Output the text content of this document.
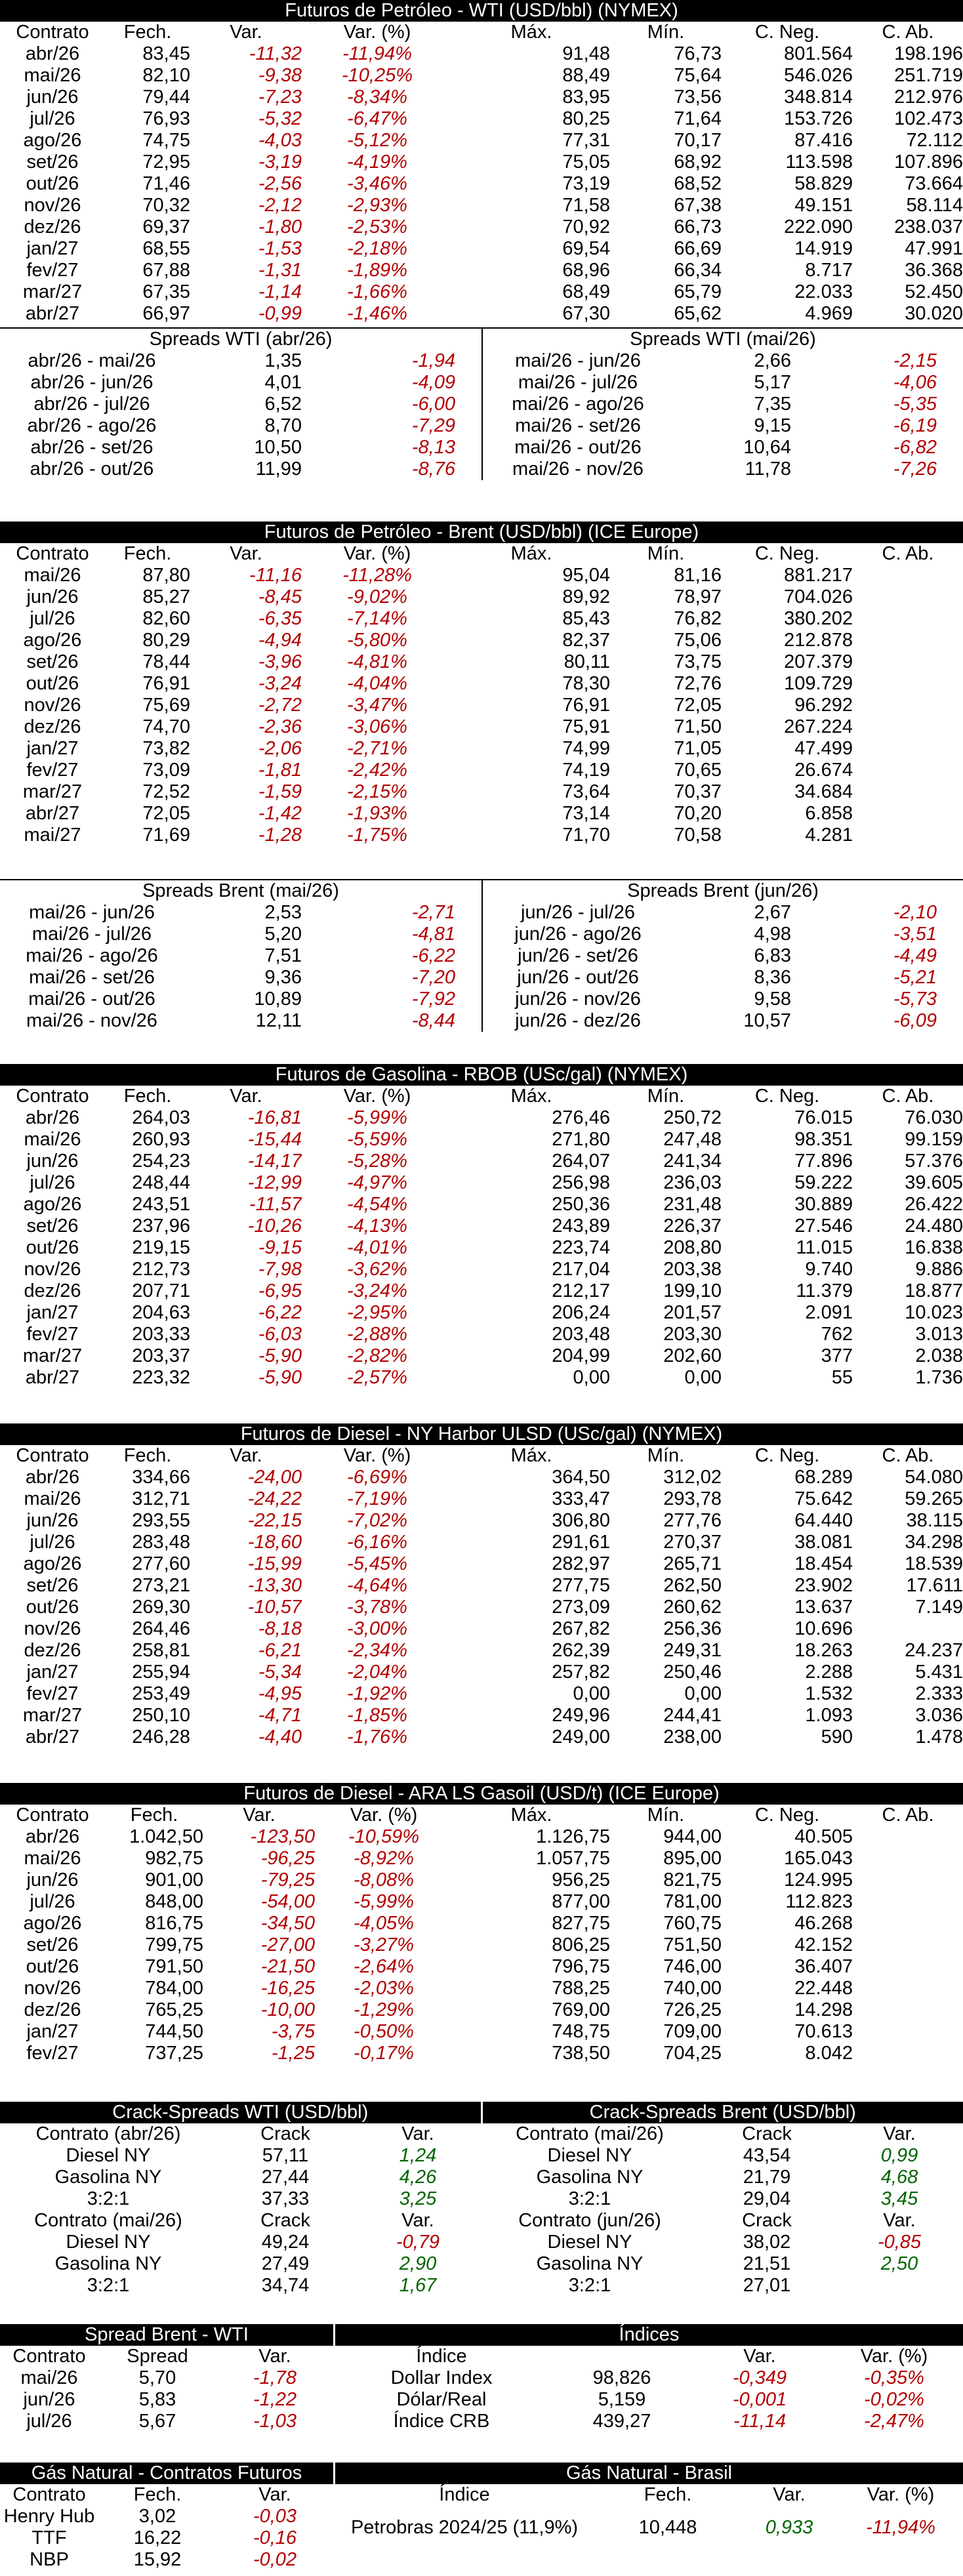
Futuros de Petróleo - WTI (USD/bbl) (NYMEX)
Contrato	Fech.	Var.	Var. (%)	Máx.	Mín.	C. Neg.	C. Ab.
abr/26	83,45	-11,32	-11,94%	91,48	76,73	801.564	198.196
mai/26	82,10	-9,38	-10,25%	88,49	75,64	546.026	251.719
jun/26	79,44	-7,23	-8,34%	83,95	73,56	348.814	212.976
jul/26	76,93	-5,32	-6,47%	80,25	71,64	153.726	102.473
ago/26	74,75	-4,03	-5,12%	77,31	70,17	87.416	72.112
set/26	72,95	-3,19	-4,19%	75,05	68,92	113.598	107.896
out/26	71,46	-2,56	-3,46%	73,19	68,52	58.829	73.664
nov/26	70,32	-2,12	-2,93%	71,58	67,38	49.151	58.114
dez/26	69,37	-1,80	-2,53%	70,92	66,73	222.090	238.037
jan/27	68,55	-1,53	-2,18%	69,54	66,69	14.919	47.991
fev/27	67,88	-1,31	-1,89%	68,96	66,34	8.717	36.368
mar/27	67,35	-1,14	-1,66%	68,49	65,79	22.033	52.450
abr/27	66,97	-0,99	-1,46%	67,30	65,62	4.969	30.020
Spreads WTI (abr/26)
abr/26 - mai/26	1,35	-1,94
abr/26 - jun/26	4,01	-4,09
abr/26 - jul/26	6,52	-6,00
abr/26 - ago/26	8,70	-7,29
abr/26 - set/26	10,50	-8,13
abr/26 - out/26	11,99	-8,76
Spreads WTI (mai/26)
mai/26 - jun/26	2,66	-2,15
mai/26 - jul/26	5,17	-4,06
mai/26 - ago/26	7,35	-5,35
mai/26 - set/26	9,15	-6,19
mai/26 - out/26	10,64	-6,82
mai/26 - nov/26	11,78	-7,26
Futuros de Petróleo - Brent (USD/bbl) (ICE Europe)
Contrato	Fech.	Var.	Var. (%)	Máx.	Mín.	C. Neg.	C. Ab.
mai/26	87,80	-11,16	-11,28%	95,04	81,16	881.217	
jun/26	85,27	-8,45	-9,02%	89,92	78,97	704.026	
jul/26	82,60	-6,35	-7,14%	85,43	76,82	380.202	
ago/26	80,29	-4,94	-5,80%	82,37	75,06	212.878	
set/26	78,44	-3,96	-4,81%	80,11	73,75	207.379	
out/26	76,91	-3,24	-4,04%	78,30	72,76	109.729	
nov/26	75,69	-2,72	-3,47%	76,91	72,05	96.292	
dez/26	74,70	-2,36	-3,06%	75,91	71,50	267.224	
jan/27	73,82	-2,06	-2,71%	74,99	71,05	47.499	
fev/27	73,09	-1,81	-2,42%	74,19	70,65	26.674	
mar/27	72,52	-1,59	-2,15%	73,64	70,37	34.684	
abr/27	72,05	-1,42	-1,93%	73,14	70,20	6.858	
mai/27	71,69	-1,28	-1,75%	71,70	70,58	4.281	
Spreads Brent (mai/26)
mai/26 - jun/26	2,53	-2,71
mai/26 - jul/26	5,20	-4,81
mai/26 - ago/26	7,51	-6,22
mai/26 - set/26	9,36	-7,20
mai/26 - out/26	10,89	-7,92
mai/26 - nov/26	12,11	-8,44
Spreads Brent (jun/26)
jun/26 - jul/26	2,67	-2,10
jun/26 - ago/26	4,98	-3,51
jun/26 - set/26	6,83	-4,49
jun/26 - out/26	8,36	-5,21
jun/26 - nov/26	9,58	-5,73
jun/26 - dez/26	10,57	-6,09
Futuros de Gasolina - RBOB (USc/gal) (NYMEX)
Contrato	Fech.	Var.	Var. (%)	Máx.	Mín.	C. Neg.	C. Ab.
abr/26	264,03	-16,81	-5,99%	276,46	250,72	76.015	76.030
mai/26	260,93	-15,44	-5,59%	271,80	247,48	98.351	99.159
jun/26	254,23	-14,17	-5,28%	264,07	241,34	77.896	57.376
jul/26	248,44	-12,99	-4,97%	256,98	236,03	59.222	39.605
ago/26	243,51	-11,57	-4,54%	250,36	231,48	30.889	26.422
set/26	237,96	-10,26	-4,13%	243,89	226,37	27.546	24.480
out/26	219,15	-9,15	-4,01%	223,74	208,80	11.015	16.838
nov/26	212,73	-7,98	-3,62%	217,04	203,38	9.740	9.886
dez/26	207,71	-6,95	-3,24%	212,17	199,10	11.379	18.877
jan/27	204,63	-6,22	-2,95%	206,24	201,57	2.091	10.023
fev/27	203,33	-6,03	-2,88%	203,48	203,30	762	3.013
mar/27	203,37	-5,90	-2,82%	204,99	202,60	377	2.038
abr/27	223,32	-5,90	-2,57%	0,00	0,00	55	1.736
Futuros de Diesel - NY Harbor ULSD (USc/gal) (NYMEX)
Contrato	Fech.	Var.	Var. (%)	Máx.	Mín.	C. Neg.	C. Ab.
abr/26	334,66	-24,00	-6,69%	364,50	312,02	68.289	54.080
mai/26	312,71	-24,22	-7,19%	333,47	293,78	75.642	59.265
jun/26	293,55	-22,15	-7,02%	306,80	277,76	64.440	38.115
jul/26	283,48	-18,60	-6,16%	291,61	270,37	38.081	34.298
ago/26	277,60	-15,99	-5,45%	282,97	265,71	18.454	18.539
set/26	273,21	-13,30	-4,64%	277,75	262,50	23.902	17.611
out/26	269,30	-10,57	-3,78%	273,09	260,62	13.637	7.149
nov/26	264,46	-8,18	-3,00%	267,82	256,36	10.696	
dez/26	258,81	-6,21	-2,34%	262,39	249,31	18.263	24.237
jan/27	255,94	-5,34	-2,04%	257,82	250,46	2.288	5.431
fev/27	253,49	-4,95	-1,92%	0,00	0,00	1.532	2.333
mar/27	250,10	-4,71	-1,85%	249,96	244,41	1.093	3.036
abr/27	246,28	-4,40	-1,76%	249,00	238,00	590	1.478
Futuros de Diesel - ARA LS Gasoil (USD/t) (ICE Europe)
Contrato	Fech.	Var.	Var. (%)	Máx.	Mín.	C. Neg.	C. Ab.
abr/26	1.042,50	-123,50	-10,59%	1.126,75	944,00	40.505	
mai/26	982,75	-96,25	-8,92%	1.057,75	895,00	165.043	
jun/26	901,00	-79,25	-8,08%	956,25	821,75	124.995	
jul/26	848,00	-54,00	-5,99%	877,00	781,00	112.823	
ago/26	816,75	-34,50	-4,05%	827,75	760,75	46.268	
set/26	799,75	-27,00	-3,27%	806,25	751,50	42.152	
out/26	791,50	-21,50	-2,64%	796,75	746,00	36.407	
nov/26	784,00	-16,25	-2,03%	788,25	740,00	22.448	
dez/26	765,25	-10,00	-1,29%	769,00	726,25	14.298	
jan/27	744,50	-3,75	-0,50%	748,75	709,00	70.613	
fev/27	737,25	-1,25	-0,17%	738,50	704,25	8.042	
Crack-Spreads WTI (USD/bbl)	Crack-Spreads Brent (USD/bbl)
Contrato (abr/26)	Crack	Var.
Diesel NY	57,11	1,24
Gasolina NY	27,44	4,26
3:2:1	37,33	3,25
Contrato (mai/26)	Crack	Var.
Diesel NY	49,24	-0,79
Gasolina NY	27,49	2,90
3:2:1	34,74	1,67
Contrato (mai/26)	Crack	Var.
Diesel NY	43,54	0,99
Gasolina NY	21,79	4,68
3:2:1	29,04	3,45
Contrato (jun/26)	Crack	Var.
Diesel NY	38,02	-0,85
Gasolina NY	21,51	2,50
3:2:1	27,01	
Spread Brent - WTI	Índices
Contrato	Spread	Var.
mai/26	5,70	-1,78
jun/26	5,83	-1,22
jul/26	5,67	-1,03
Índice		Var.	Var. (%)
Dollar Index	98,826	-0,349	-0,35%
Dólar/Real	5,159	-0,001	-0,02%
Índice CRB	439,27	-11,14	-2,47%
Gás Natural - Contratos Futuros	Gás Natural - Brasil
Contrato	Fech.	Var.
Henry Hub	3,02	-0,03
TTF	16,22	-0,16
NBP	15,92	-0,02
Índice	Fech.	Var.	Var. (%)
Petrobras 2024/25 (11,9%)	10,448	0,933	-11,94%
